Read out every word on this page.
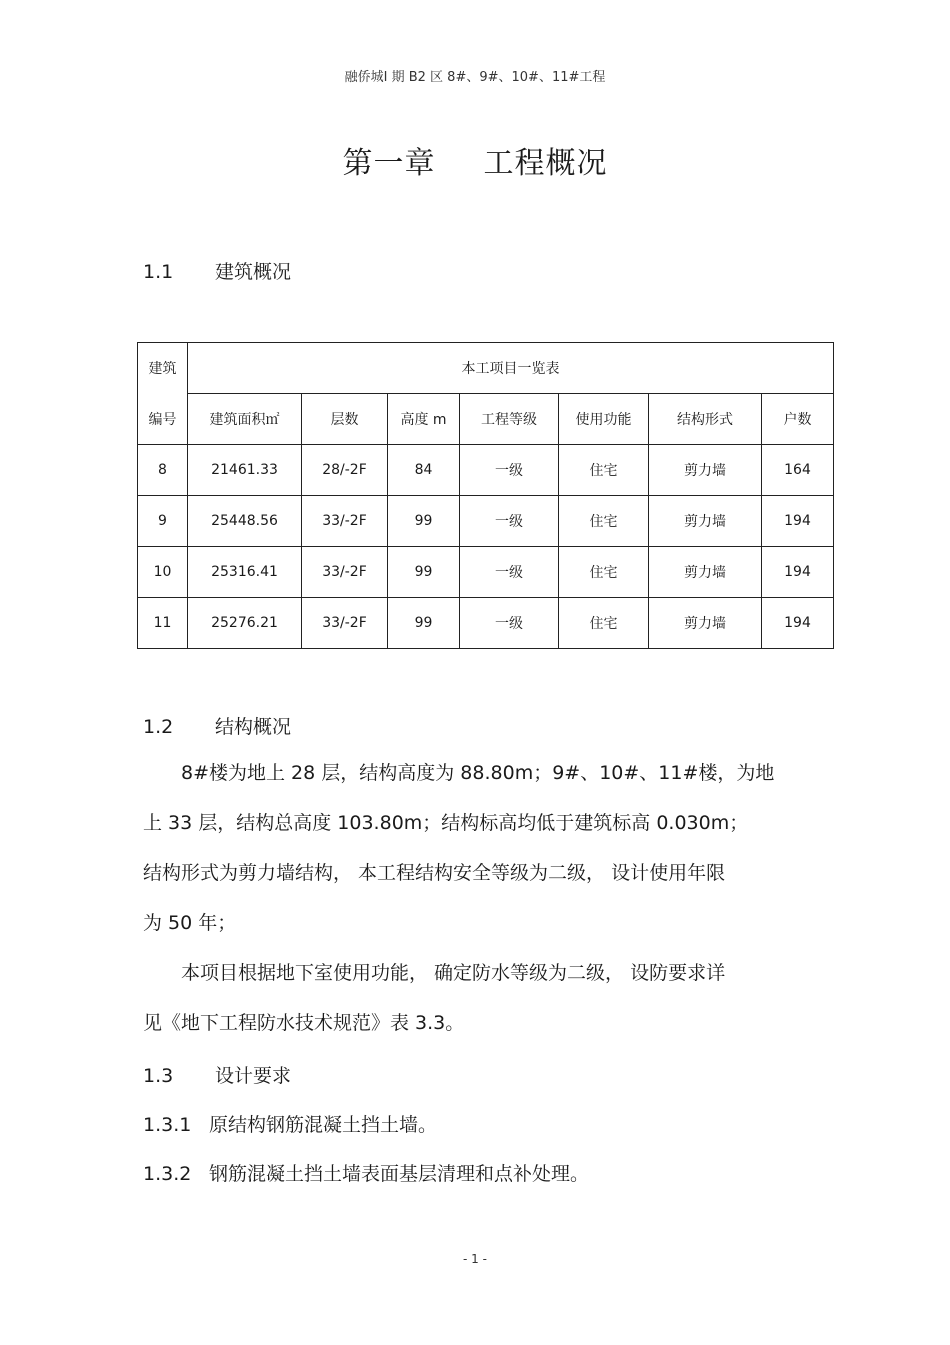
融侨城Ⅰ 期 B2 区 8#、9#、10#、11#工程
第一章 工程概况
1.1 建筑概况
建筑	本工项目一览表						
编号	建筑面积㎡	层数	高度 m	工程等级	使用功能	结构形式	户数
8	21461.33	28/-2F	84	一级	住宅	剪力墙	164
9	25448.56	33/-2F	99	一级	住宅	剪力墙	194
10	25316.41	33/-2F	99	一级	住宅	剪力墙	194
11	25276.21	33/-2F	99	一级	住宅	剪力墙	194
1.2 结构概况
　　8#楼为地上 28 层，结构高度为 88.80m；9#、10#、11#楼，为地
上 33 层，结构总高度 103.80m；结构标高均低于建筑标高 0.030m；
结构形式为剪力墙结构， 本工程结构安全等级为二级， 设计使用年限
为 50 年；
　　本项目根据地下室使用功能， 确定防水等级为二级， 设防要求详
见《地下工程防水技术规范》表 3.3。
1.3 设计要求
1.3.1 原结构钢筋混凝土挡土墙。
1.3.2 钢筋混凝土挡土墙表面基层清理和点补处理。
- 1 -
